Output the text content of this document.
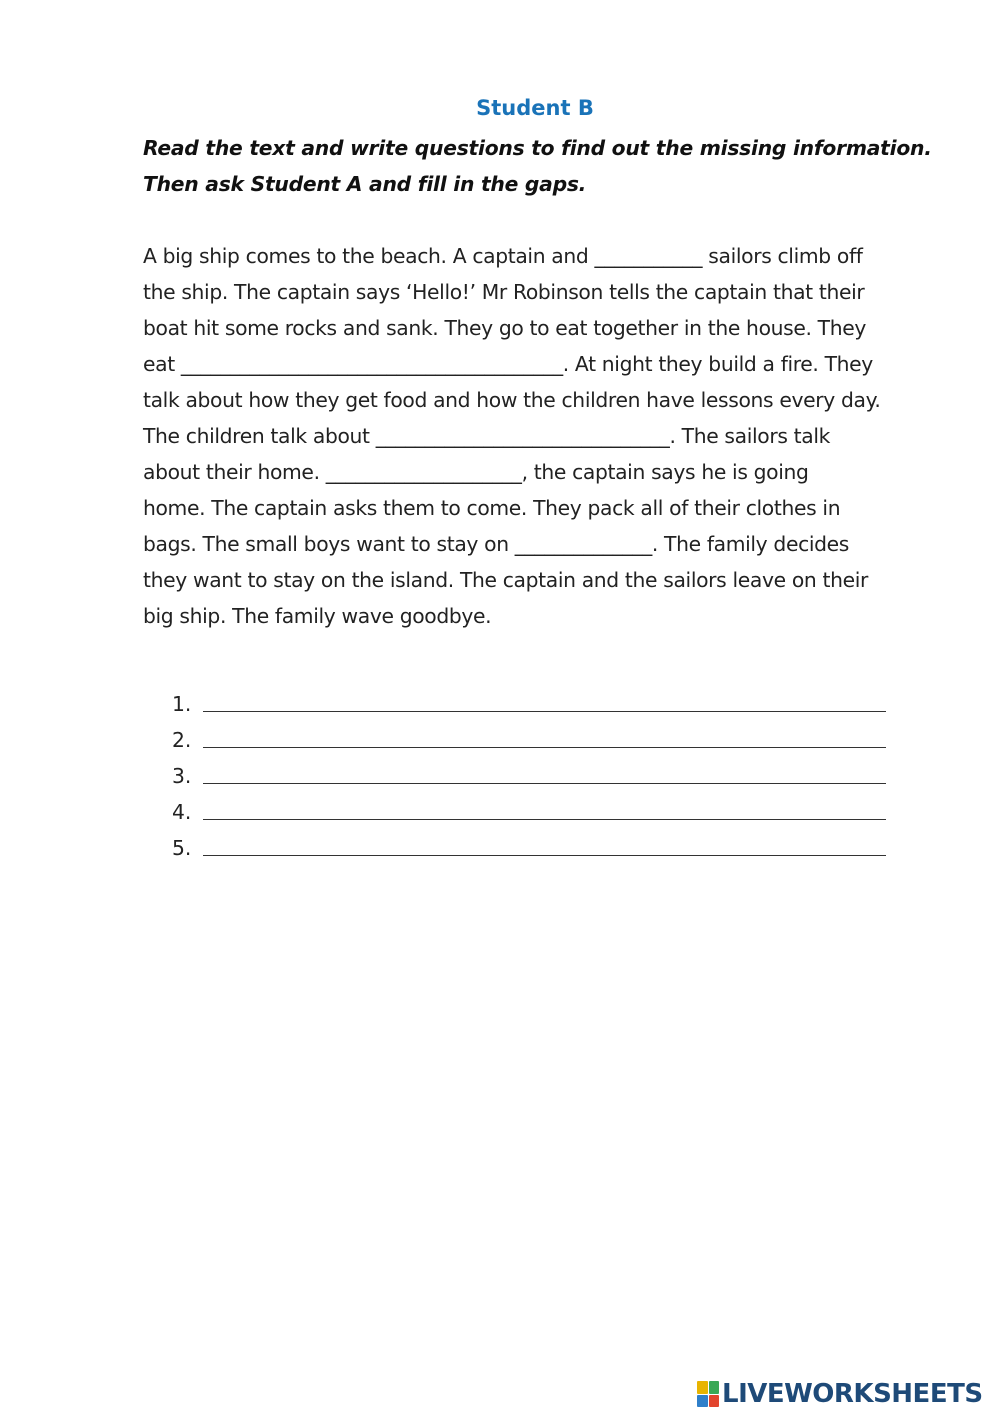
Student B
Read the text and write questions to find out the missing information.
Then ask Student A and fill in the gaps.
A big ship comes to the beach. A captain and ___________ sailors climb off
the ship. The captain says ‘Hello!’ Mr Robinson tells the captain that their
boat hit some rocks and sank. They go to eat together in the house. They
eat _______________________________________. At night they build a fire. They
talk about how they get food and how the children have lessons every day.
The children talk about ______________________________. The sailors talk
about their home. ____________________, the captain says he is going
home. The captain asks them to come. They pack all of their clothes in
bags. The small boys want to stay on ______________. The family decides
they want to stay on the island. The captain and the sailors leave on their
big ship. The family wave goodbye.
1.
2.
3.
4.
5.
LIVEWORKSHEETS
